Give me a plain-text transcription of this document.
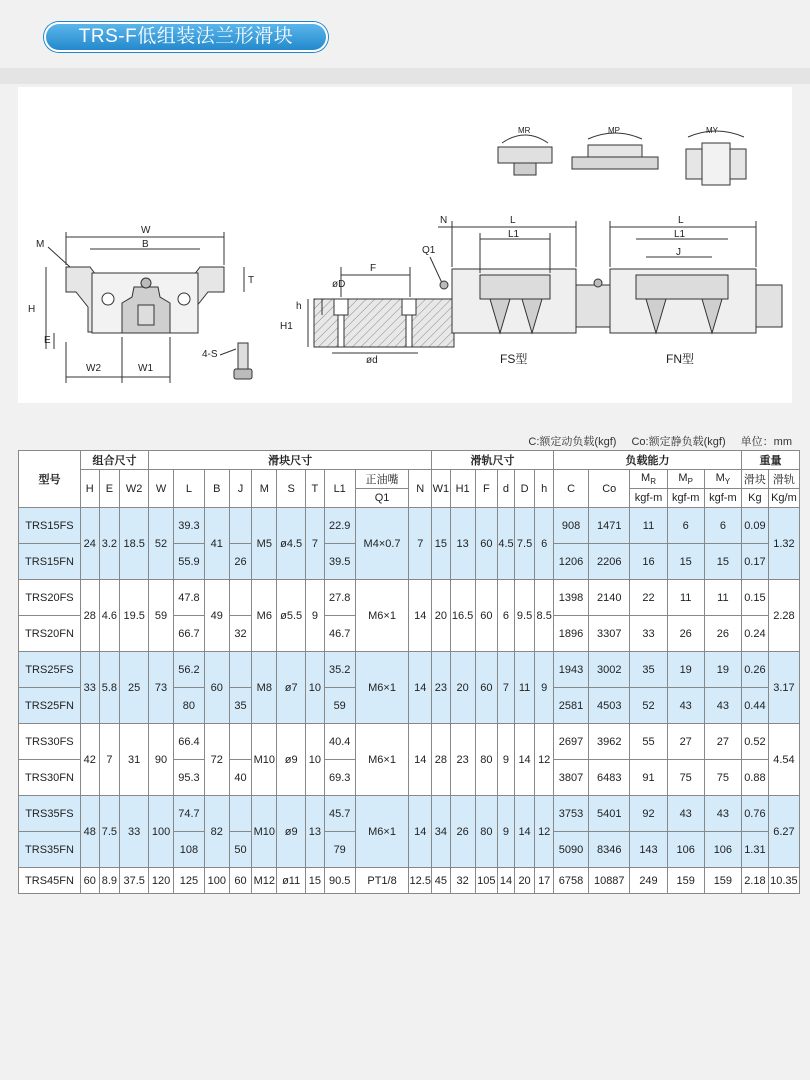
TRS-F低组装法兰形滑块
W
B
M
H
T
E
W2	W1
4-S
Q1
F
øD
h
H1
ød
N	L
L1
L
L1
J
FS型	FN型
MR	MP	MY
C:额定动负载(kgf) Co:额定静负载(kgf) 单位：mm
型号	组合尺寸			滑块尺寸										滑轨尺寸						负载能力					重量	
	H	E	W2	W	L	B	J	M	S	T	L1	正油嘴	N	W1	H1	F	d	D	h	C	Co	$M_R$	$M_P$	$M_Y$	滑块	滑轨
												Q1										kgf-m	kgf-m	kgf-m	Kg	Kg/m
TRS15FS	24	3.2	18.5	52	39.3	41		M5	ø4.5	7	22.9	M4×0.7	7	15	13	60	4.5	7.5	6	908	1471	11	6	6	0.09	1.32
TRS15FN					55.9		26				39.5									1206	2206	16	15	15	0.17	
TRS20FS	28	4.6	19.5	59	47.8	49		M6	ø5.5	9	27.8	M6×1	14	20	16.5	60	6	9.5	8.5	1398	2140	22	11	11	0.15	2.28
TRS20FN					66.7		32				46.7									1896	3307	33	26	26	0.24	
TRS25FS	33	5.8	25	73	56.2	60		M8	ø7	10	35.2	M6×1	14	23	20	60	7	11	9	1943	3002	35	19	19	0.26	3.17
TRS25FN					80		35				59									2581	4503	52	43	43	0.44	
TRS30FS	42	7	31	90	66.4	72		M10	ø9	10	40.4	M6×1	14	28	23	80	9	14	12	2697	3962	55	27	27	0.52	4.54
TRS30FN					95.3		40				69.3									3807	6483	91	75	75	0.88	
TRS35FS	48	7.5	33	100	74.7	82		M10	ø9	13	45.7	M6×1	14	34	26	80	9	14	12	3753	5401	92	43	43	0.76	6.27
TRS35FN					108		50				79									5090	8346	143	106	106	1.31	
TRS45FN	60	8.9	37.5	120	125	100	60	M12	ø11	15	90.5	PT1/8	12.5	45	32	105	14	20	17	6758	10887	249	159	159	2.18	10.35
